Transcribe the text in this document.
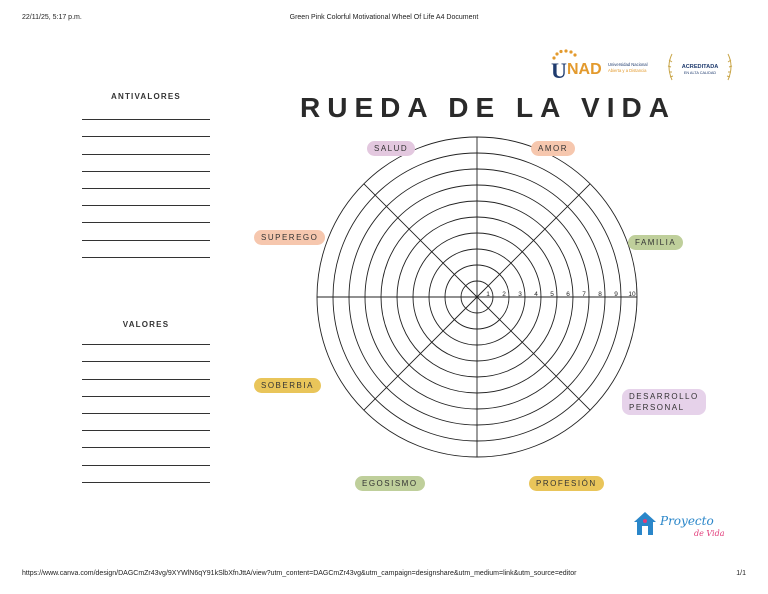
22/11/25, 5:17 p.m.	Green Pink Colorful Motivational Wheel Of Life A4 Document
U NAD Universidad Nacional
Abierta y a Distancia
ACREDITADA
EN ALTA CALIDAD
ANTIVALORES
VALORES
RUEDA DE LA VIDA
1 2 3 4 5 6 7 8 9 10
SALUD	AMOR
SUPEREGO
FAMILIA
SOBERBIA
DESARROLLO
PERSONAL
EGOSISMO	PROFESIÓN
Proyecto
de Vida
https://www.canva.com/design/DAGCmZr43vg/9XYWlN6qY91kSlbXfnJttA/view?utm_content=DAGCmZr43vg&utm_campaign=designshare&utm_medium=link&utm_source=editor	1/1
